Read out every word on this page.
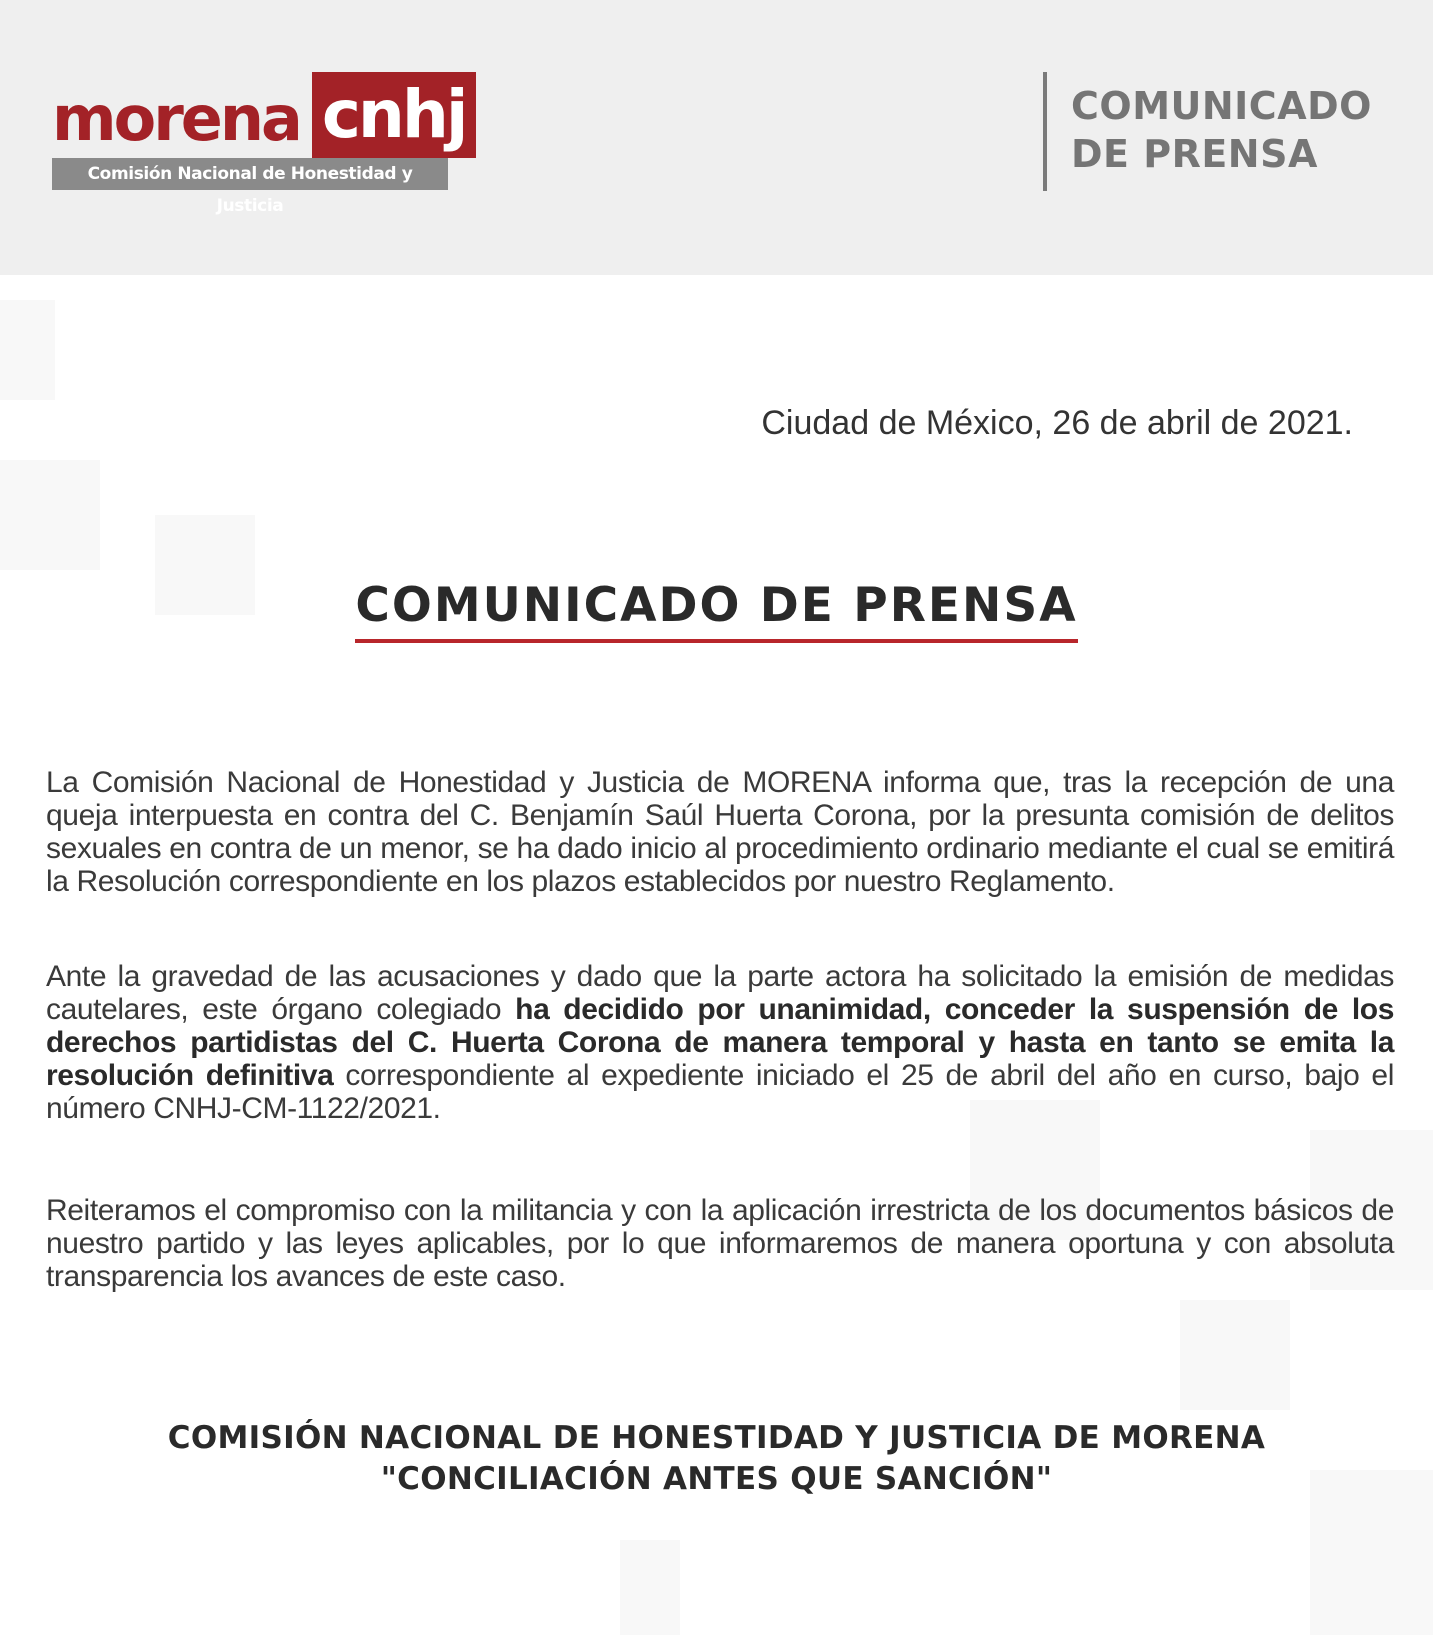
morena cnhj
Comisión Nacional de Honestidad y Justicia
COMUNICADO
DE PRENSA
Ciudad de México, 26 de abril de 2021.
COMUNICADO DE PRENSA

La Comisión Nacional de Honestidad y Justicia de MORENA informa que, tras la recepción de una queja interpuesta en contra del C. Benjamín Saúl Huerta Corona, por la presunta comisión de delitos sexuales en contra de un menor, se ha dado inicio al procedimiento ordinario mediante el cual se emitirá la Resolución correspondiente en los plazos establecidos por nuestro Reglamento.

Ante la gravedad de las acusaciones y dado que la parte actora ha solicitado la emisión de medidas cautelares, este órgano colegiado ha decidido por unanimidad, conceder la suspensión de los derechos partidistas del C. Huerta Corona de manera temporal y hasta en tanto se emita la resolución definitiva correspondiente al expediente iniciado el 25 de abril del año en curso, bajo el número CNHJ-CM-1122/2021.

Reiteramos el compromiso con la militancia y con la aplicación irrestricta de los documentos básicos de nuestro partido y las leyes aplicables, por lo que informaremos de manera oportuna y con absoluta transparencia los avances de este caso.

COMISIÓN NACIONAL DE HONESTIDAD Y JUSTICIA DE MORENA
"CONCILIACIÓN ANTES QUE SANCIÓN"
